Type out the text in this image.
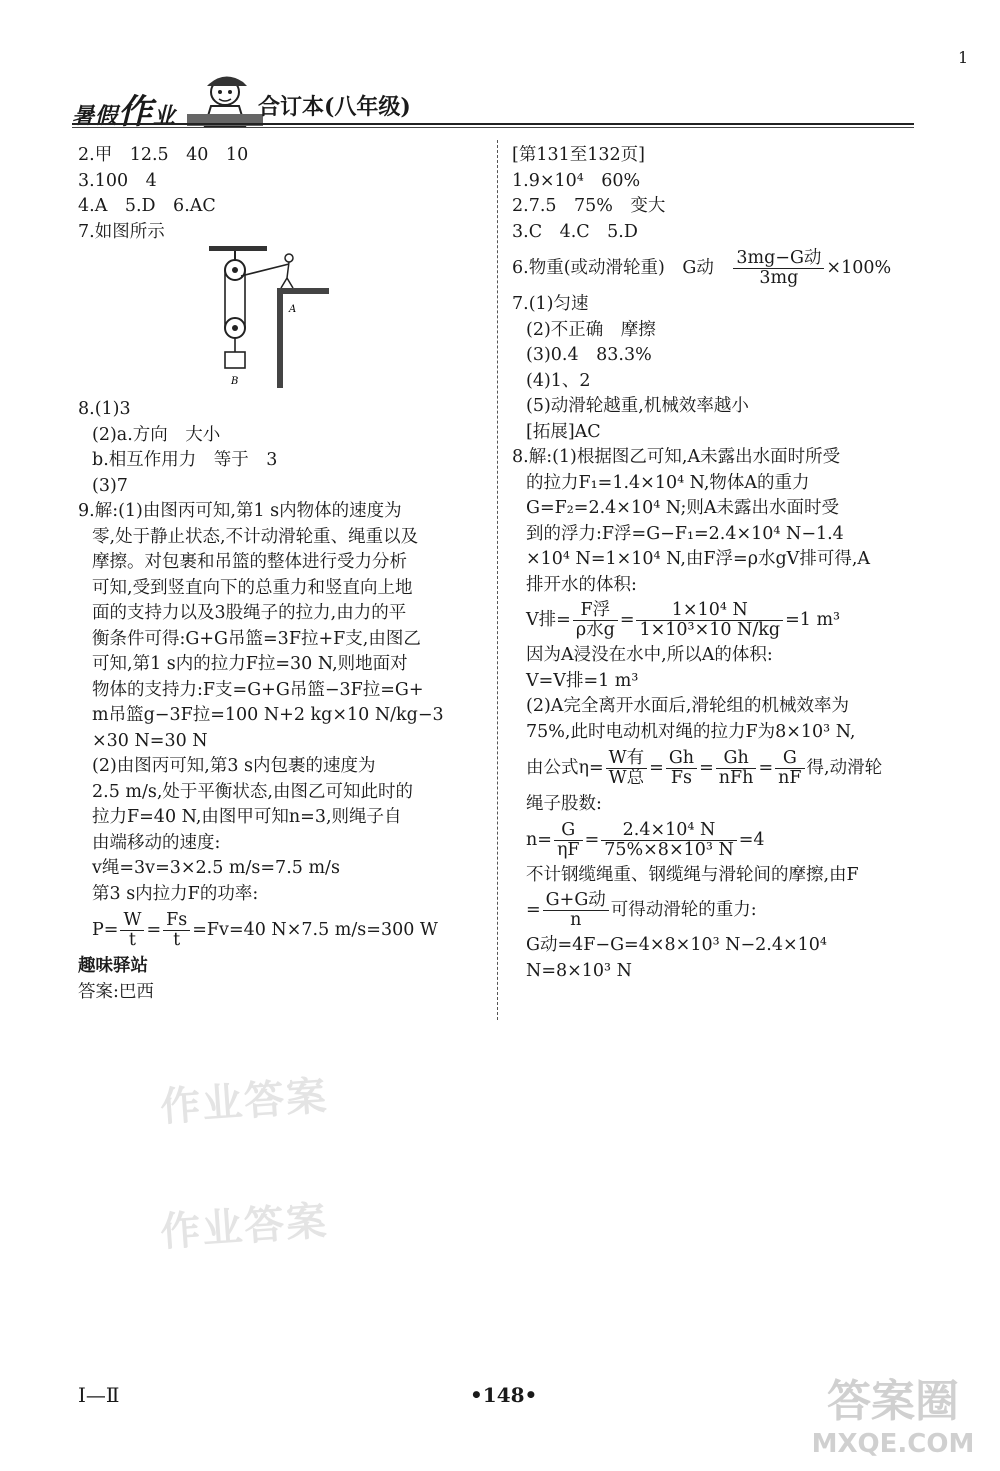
暑假作业	合订本(八年级)
1
2.甲　12.5　40　10
3.100　4
4.A　5.D　6.AC
7.如图所示
8.(1)3
(2)a.方向　大小
b.相互作用力　等于　3
(3)7
9.解:(1)由图丙可知,第1 s内物体的速度为
零,处于静止状态,不计动滑轮重、绳重以及
摩擦。对包裹和吊篮的整体进行受力分析
可知,受到竖直向下的总重力和竖直向上地
面的支持力以及3股绳子的拉力,由力的平
衡条件可得:G+G吊篮=3F拉+F支,由图乙
可知,第1 s内的拉力F拉=30 N,则地面对
物体的支持力:F支=G+G吊篮−3F拉=G+
m吊篮g−3F拉=100 N+2 kg×10 N/kg−3
×30 N=30 N
(2)由图丙可知,第3 s内包裹的速度为
2.5 m/s,处于平衡状态,由图乙可知此时的
拉力F=40 N,由图甲可知n=3,则绳子自
由端移动的速度:
v绳=3v=3×2.5 m/s=7.5 m/s
第3 s内拉力F的功率:
$P= \frac{W}{t} = \frac{Fs}{t} =Fv=40$ N×7.5 m/s=300 W
趣味驿站
答案:巴西
A
B
[第131至132页]
1.9×10⁴　60%
2.7.5　75%　变大
3.C　4.C　5.D
6.物重(或动滑轮重)　G动　 $\frac{\text{3mg−G动}}{3mg} \times 100\%$
7.(1)匀速
(2)不正确　摩擦
(3)0.4　83.3%
(4)1、2
(5)动滑轮越重,机械效率越小
[拓展]AC
8.解:(1)根据图乙可知,A未露出水面时所受
的拉力F₁=1.4×10⁴ N,物体A的重力
G=F₂=2.4×10⁴ N;则A未露出水面时受
到的浮力:F浮=G−F₁=2.4×10⁴ N−1.4
×10⁴ N=1×10⁴ N,由F浮=ρ水gV排可得,A
排开水的体积:
V排= $\frac{\text{F浮}}{\text{ρ水g}} = \frac{\text{1×10⁴ N}}{\text{1×10³×10 N/kg}} =1$ m³
因为A浸没在水中,所以A的体积:
V=V排=1 m³
(2)A完全离开水面后,滑轮组的机械效率为
75%,此时电动机对绳的拉力F为8×10³ N,
由公式$\eta= \frac{\text{W有}}{\text{W总}} = \frac{Gh}{Fs} = \frac{Gh}{\text{nFh}} = \frac{G}{nF}$ 得,动滑轮
绳子股数:
$n= \frac{G}{\eta F} = \frac{\text{2.4×10⁴ N}}{\text{75\%×8×10³ N}} =4$
不计钢缆绳重、钢缆绳与滑轮间的摩擦,由F
= $\frac{\text{G+G动}}{n}$ 可得动滑轮的重力:
G动=4F−G=4×8×10³ N−2.4×10⁴
N=8×10³ N
作业答案
作业答案
Ⅰ—Ⅱ	•148•	答案圈
MXQE.COM
